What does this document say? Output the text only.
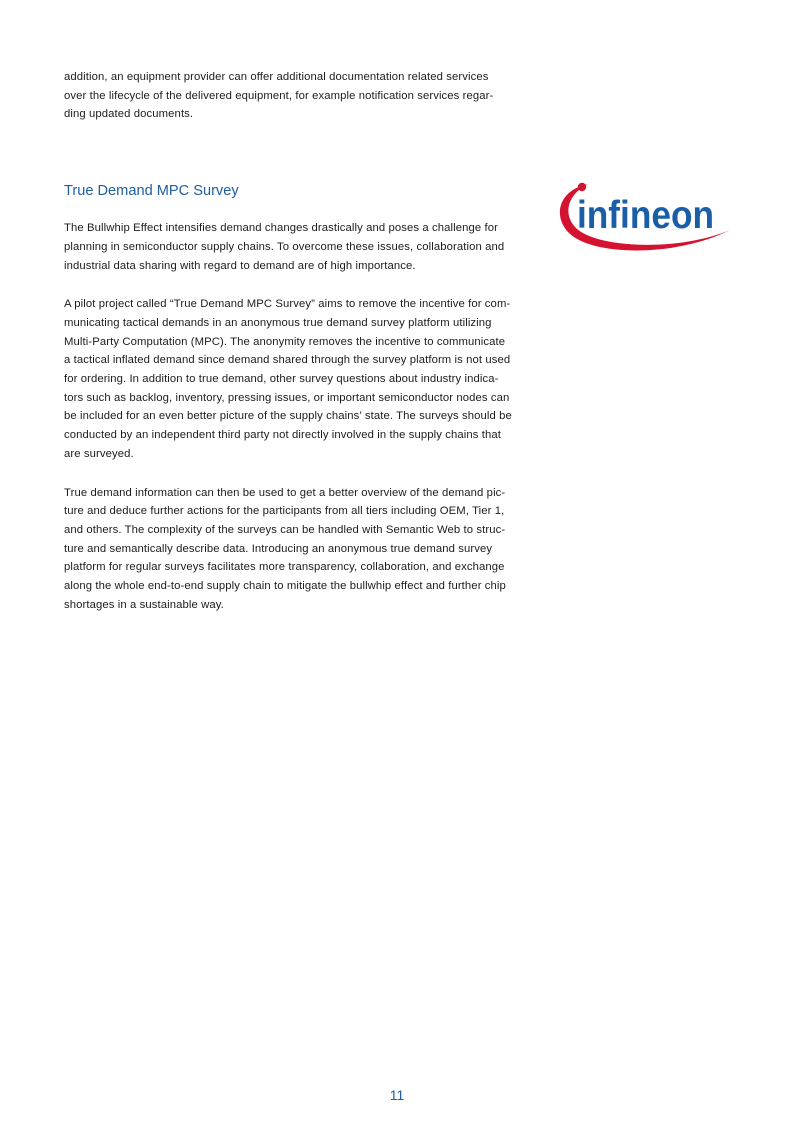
addition, an equipment provider can offer additional documentation related services
over the lifecycle of the delivered equipment, for example notification services regar-
ding updated documents.

True Demand MPC Survey

The Bullwhip Effect intensifies demand changes drastically and poses a challenge for
planning in semiconductor supply chains. To overcome these issues, collaboration and
industrial data sharing with regard to demand are of high importance.

A pilot project called “True Demand MPC Survey” aims to remove the incentive for com-
municating tactical demands in an anonymous true demand survey platform utilizing
Multi-Party Computation (MPC). The anonymity removes the incentive to communicate
a tactical inflated demand since demand shared through the survey platform is not used
for ordering. In addition to true demand, other survey questions about industry indica-
tors such as backlog, inventory, pressing issues, or important semiconductor nodes can
be included for an even better picture of the supply chains’ state. The surveys should be
conducted by an independent third party not directly involved in the supply chains that
are surveyed.

True demand information can then be used to get a better overview of the demand pic-
ture and deduce further actions for the participants from all tiers including OEM, Tier 1,
and others. The complexity of the surveys can be handled with Semantic Web to struc-
ture and semantically describe data. Introducing an anonymous true demand survey
platform for regular surveys facilitates more transparency, collaboration, and exchange
along the whole end-to-end supply chain to mitigate the bullwhip effect and further chip
shortages in a sustainable way.

infineon
11
